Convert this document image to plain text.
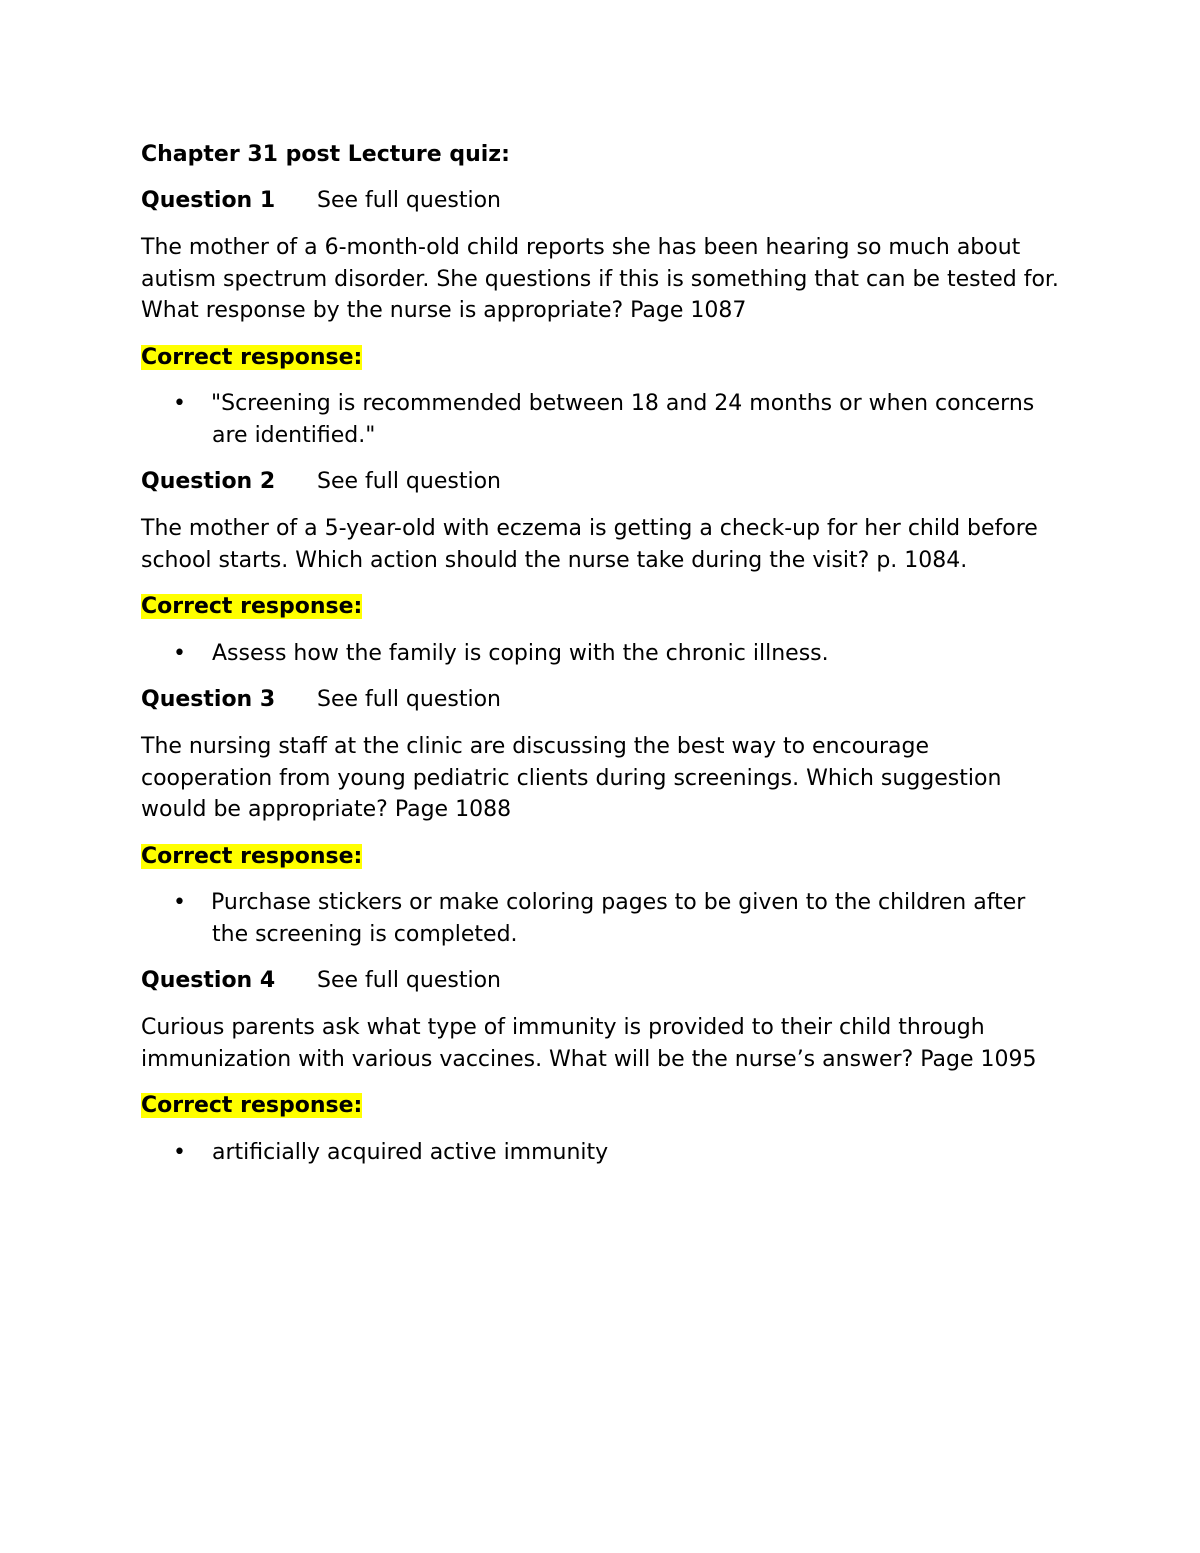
Chapter 31 post Lecture quiz:
Question 1	See full question
The mother of a 6-month-old child reports she has been hearing so much about autism spectrum disorder. She questions if this is something that can be tested for. What response by the nurse is appropriate? Page 1087
Correct response:
• "Screening is recommended between 18 and 24 months or when concerns are identified."
Question 2	See full question
The mother of a 5-year-old with eczema is getting a check-up for her child before school starts. Which action should the nurse take during the visit? p. 1084.
Correct response:
• Assess how the family is coping with the chronic illness.
Question 3	See full question
The nursing staff at the clinic are discussing the best way to encourage cooperation from young pediatric clients during screenings. Which suggestion would be appropriate? Page 1088
Correct response:
• Purchase stickers or make coloring pages to be given to the children after the screening is completed.
Question 4	See full question
Curious parents ask what type of immunity is provided to their child through immunization with various vaccines. What will be the nurse’s answer? Page 1095
Correct response:
• artificially acquired active immunity
